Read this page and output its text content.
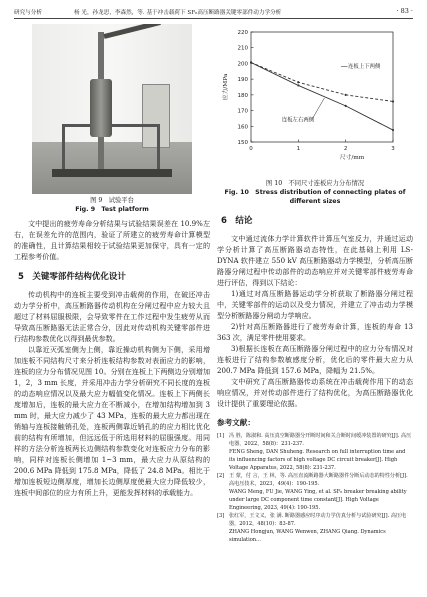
研究与分析	杨 光，孙龙思，李森然，等. 基于冲击载荷下 SF₆高压断路器关键零部件动力学分析	· 83 ·
图 9　试验平台
Fig. 9　Test platform

文中提出的疲劳寿命分析结果与试验结果误差在 10.9%左右，在误差允许的范围内，验证了所建立的疲劳寿命计算模型的准确性，且计算结果相较于试验结果更加保守，具有一定的工程参考价值。

5　关键零部件结构优化设计

传动机构中的连板主要受到冲击载荷的作用，在破还冲击动力学分析中，高压断路器传动机构在分闸过程中应力较大且超过了材料屈服极限，会导致零件在工作过程中发生疲劳从而导致高压断路器无法正常合分，因此对传动机构关键零部件进行结构参数优化以得到最优参数。

以靠近灭弧室侧为上侧，靠近操动机构侧为下侧，采用增加连板不同结构尺寸来分析连板结构参数对表面应力的影响，连板的应力分布情况见图 10。分别在连板上下两侧边分别增加 1，2，3 mm 长度，并采用冲击力学分析研究不同长度的连板的动态响应情况以及最大应力幅值变化情况。连板上下两侧长度增加后，连板的最大应力在不断减小，在增加结构增加到 3 mm 时，最大应力减少了 43 MPa，连板的最大应力都出现在销轴与连板接触销孔处，连板两侧靠近销孔的的应力相比优化前的结构有所增加，但远远低于所选用材料的屈服强度。用同样的方法分析连板两长边侧结构参数变化对连板应力分布的影响，同样对连板长侧增加 1~3 mm，最大应力从原结构的 200.6 MPa 降低到 175.8 MPa，降低了 24.8 MPa。相比于增加连板短边侧厚度，增加长边侧厚度使最大应力降低较少，连板中间部位的应力有所上升，更能发挥材料的承载能力。

150
160
170
180
190
200
210
220
0	1	2	3
尺寸/mm
应力/MPa
连板上下两侧
连板左右两侧
图 10　不同尺寸连板应力分布情况
Fig. 10　Stress distribution of connecting plates of different sizes
6　结论

文中通过流体力学计算软件计算压气室反力，并通过运动学分析计算了高压断路器动态特性，在此基础上利用 LS-DYNA 软件建立 550 kV 高压断路器动力学模型，分析高压断路器分闸过程中传动部件的动态响应并对关键零部件疲劳寿命进行评估，得到以下结论：

1)通过对高压断路器运动学分析获取了断路器分闸过程中，关键零部件的运动以及受力情况，并建立了冲击动力学模型分析断路器分闸动力学响应。

2)针对高压断路器进行了疲劳寿命计算，连板的寿命 13 363 次，满足零件使用要求。

3)根据长连板在高压断路器分闸过程中的应力分布情况对连板进行了结构参数敏感度分析，优化后的零件最大应力从 200.7 MPa 降低到 157.6 MPa，降幅为 21.5%。

文中研究了高压断路器传动系统在冲击载荷作用下的动态响应情况，并对传动部件进行了结构优化，为高压断路器优化设计提供了重要理论依据。

参考文献：
[1] 冯 胜，陈淑和. 高压真空断路器分开断时间和关合断时间缓冲装置的研究[J]. 高压电器，2022，58(8)：231-237.
FENG Sheng, DAN Shuheng. Research on full interruption time and its influencing factors of high voltage DC circuit breaker[J]. High Voltage Apparatus, 2022, 58(8): 231-237.
[2] 王 蒙，付 言，王 林，等. 高压直流断路器大断路器件分断后动态的特性分析[J]. 高电压技术，2023，49(4)：190-195.
WANG Meng, FU Jie, WANG Ying, et al. SF₆ breaker breaking ability under large DC component time constant[J]. High Voltage Engineering, 2023, 49(4): 190-195.
[3] 张红军，王文义，张 满. 断路器感应时序动力学仿真分析与试验研究[J]. 高压电器，2012，48(10)：83-87.
ZHANG Hongjun, WANG Wenwen, ZHANG Qiang. Dynamics simulation...
